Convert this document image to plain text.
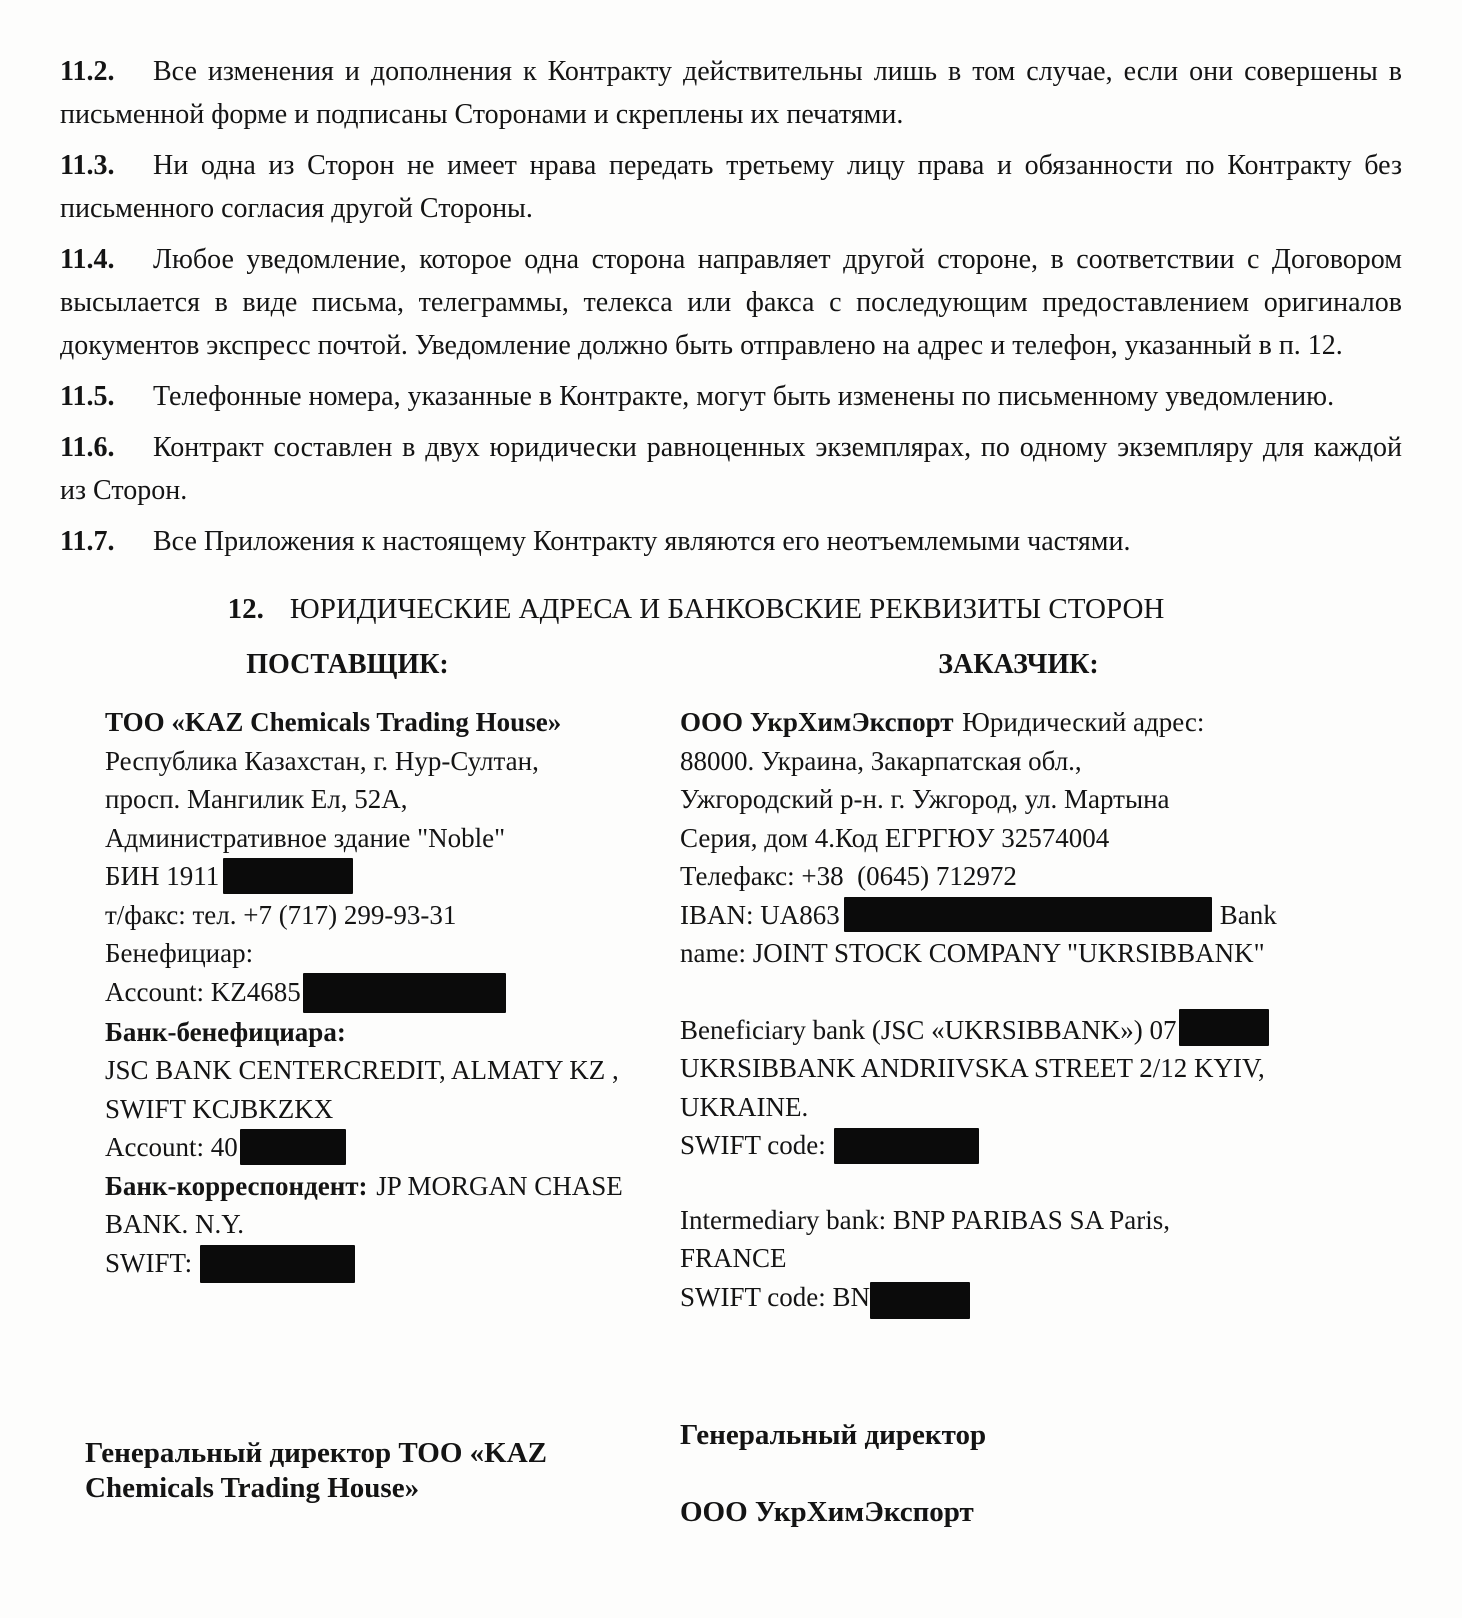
11.2. Все изменения и дополнения к Контракту действительны лишь в том случае, если они совершены в письменной форме и подписаны Сторонами и скреплены их печатями.

11.3. Ни одна из Сторон не имеет нрава передать третьему лицу права и обязанности по Контракту без письменного согласия другой Стороны.

11.4. Любое уведомление, которое одна сторона направляет другой стороне, в соответствии с Договором высылается в виде письма, телеграммы, телекса или факса с последующим предоставлением оригиналов документов экспресс почтой. Уведомление должно быть отправлено на адрес и телефон, указанный в п. 12.

11.5. Телефонные номера, указанные в Контракте, могут быть изменены по письменному уведомлению.

11.6. Контракт составлен в двух юридически равноценных экземплярах, по одному экземпляру для каждой из Сторон.

11.7. Все Приложения к настоящему Контракту являются его неотъемлемыми частями.

12. ЮРИДИЧЕСКИЕ АДРЕСА И БАНКОВСКИЕ РЕКВИЗИТЫ СТОРОН
ПОСТАВЩИК:	ЗАКАЗЧИК:
ТОО «KAZ Chemicals Trading House»
Республика Казахстан, г. Нур-Султан,
просп. Мангилик Ел, 52А,
Административное здание "Noble"
БИН 1911
т/факс: тел. +7 (717) 299-93-31
Бенефициар:
Account: KZ4685
Банк-бенефициара:
JSC BANK CENTERCREDIT, ALMATY KZ ,
SWIFT KCJBKZKX
Account: 40
Банк-корреспондент: JP MORGAN CHASE
BANK. N.Y.
SWIFT:
ООО УкрХимЭкспорт Юридический адрес:
88000. Украина, Закарпатская обл.,
Ужгородский р-н. г. Ужгород, ул. Мартына
Серия, дом 4.Код ЕГРГЮУ 32574004
Телефакс: +38  (0645) 712972
IBAN: UA863	Bank
name: JOINT STOCK COMPANY "UKRSIBBANK"
Beneficiary bank (JSC «UKRSIBBANK») 07
UKRSIBBANK ANDRIIVSKA STREET 2/12 KYIV,
UKRAINE.
SWIFT code:
Intermediary bank: BNP PARIBAS SA Paris,
FRANCE
SWIFT code: BN
Генеральный директор ТОО «KAZ Chemicals Trading House»
Генеральный директор
ООО УкрХимЭкспорт
